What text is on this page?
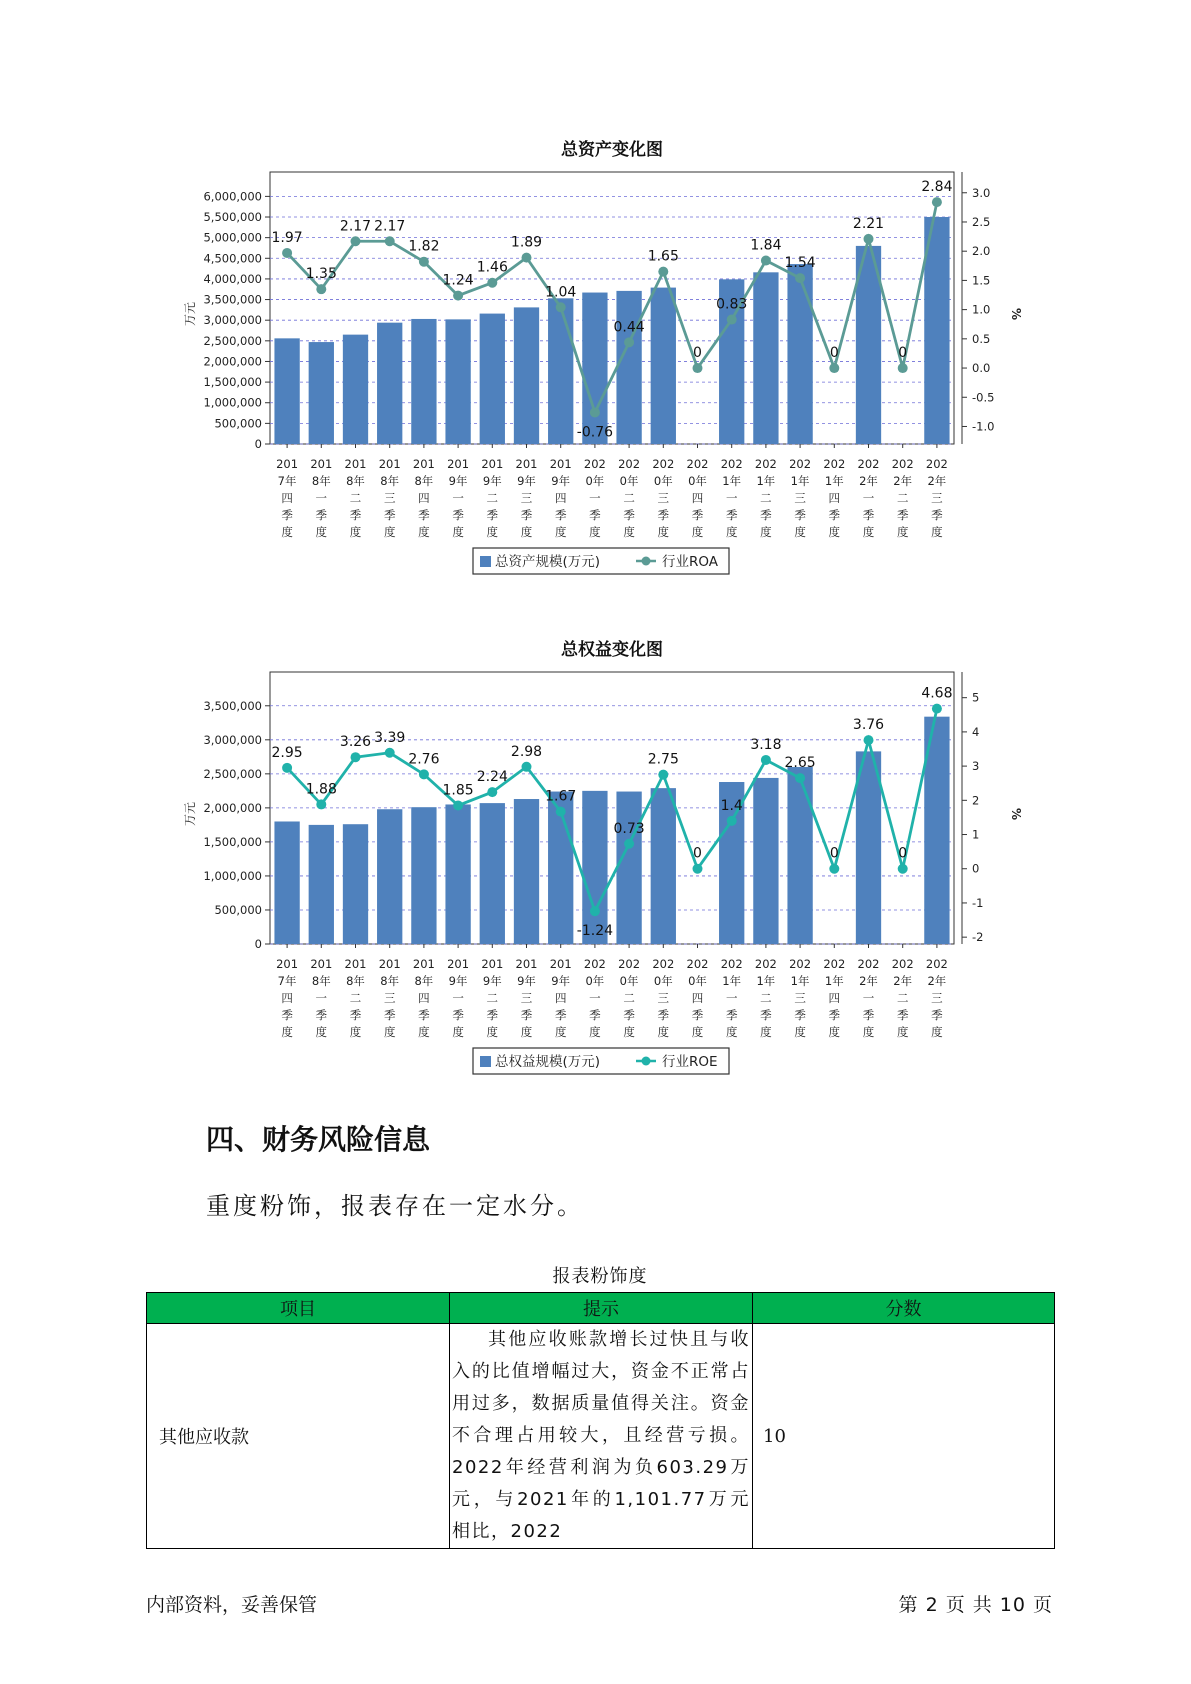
总资产变化图
0
500,000
1,000,000
1,500,000
2,000,000
2,500,000
3,000,000
3,500,000
4,000,000
4,500,000
5,000,000
5,500,000
6,000,000
-1.0
-0.5
0.0
0.5
1.0
1.5
2.0
2.5
3.0
万元	%
1.97
1.35
2.17 2.17
1.82
1.24
1.46
1.89
1.04
-0.76
0.44
1.65
0
0.83
1.84
1.54
0
2.21
0
2.84
201 7年四季度
201 8年一季度
201 8年二季度
201 8年三季度
201 8年四季度
201 9年一季度
201 9年二季度
201 9年三季度
201 9年四季度
202 0年一季度
202 0年二季度
202 0年三季度
202 0年四季度
202 1年一季度
202 1年二季度
202 1年三季度
202 1年四季度
202 2年一季度
202 2年二季度
202 2年三季度
总资产规模(万元)	行业ROA
总权益变化图
0
500,000
1,000,000
1,500,000
2,000,000
2,500,000
3,000,000
3,500,000
-2
-1
0
1
2
3
4
5
万元	%
2.95
1.88
3.26 3.39
2.76
1.85
2.24
2.98
1.67
-1.24
0.73
2.75
0
1.4
3.18
2.65
0
3.76
0
4.68
201 7年四季度
201 8年一季度
201 8年二季度
201 8年三季度
201 8年四季度
201 9年一季度
201 9年二季度
201 9年三季度
201 9年四季度
202 0年一季度
202 0年二季度
202 0年三季度
202 0年四季度
202 1年一季度
202 1年二季度
202 1年三季度
202 1年四季度
202 2年一季度
202 2年二季度
202 2年三季度
总权益规模(万元)	行业ROE
四、财务风险信息

重度粉饰，报表存在一定水分。

报表粉饰度
项目	提示	分数
其他应收款	其他应收账款增长过快且与收入的比值增幅过大，资金不正常占用过多，数据质量值得关注。资金不合理占用较大，且经营亏损。2022年经营利润为负603.29万元，与2021年的1,101.77万元相比，2022	10
内部资料，妥善保管	第 2 页 共 10 页
